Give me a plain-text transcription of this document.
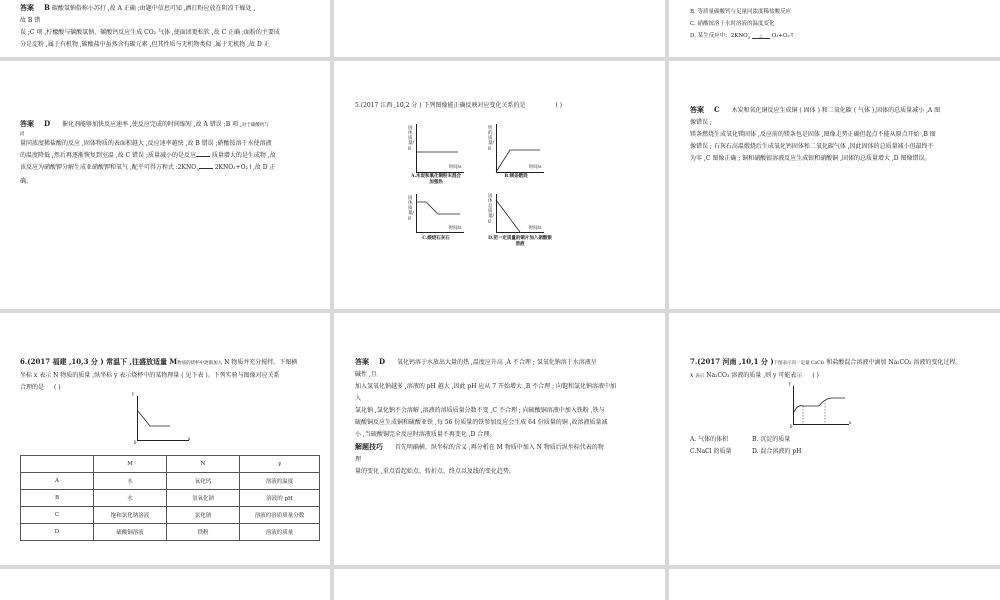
答案 B 碳酸氢钠俗称小苏打 ,故 A 正确 ;由题中信息可知 ,洒打粉应放在阴凉干燥处 ,

故 B 错

误 ;C 项 ,柠檬酸与碳酸氢钠、碳酸钙反应生成 CO₂ 气体 ,使面团更松软 ,故 C 正确 ;面粉的主要成

分是淀粉 ,属于有机物 ,碳酸盐中虽然含有碳元素 ,但其性质与无机物类似 ,属于无机物 ,故 D 正

B. 等质量碳酸钙与足量同浓度稀盐酸反应

C. 硝酸铵溶于水时溶液的温度变化

D. 某生反应中：$2KNO_3$ △ O₂+O₂↑

答案 D 催化剂能够加快反应速率 ,使反应完成的时间缩短 ,故 A 错误 ;B 项 ,对于碳酸钙与

同

量同浓度稀盐酸的反应 ,固体物质的表面积越大 ,反应速率越快 ,故 B 错误 ;硝酸铵溶于水使溶液

的温度降低 ,然后再逐渐恢复到室温 ,故 C 错误 ;质量减小的是反应	质量增大的是生成物 ,故

该反应为硝酸钾分解生成亚硝酸钾和氧气 ,配平可得方程式 $:2KNO_3$	2KNO₂+O₂↑,故 D 正

确。

5.(2017 江西 ,10,2 分 ) 下列图像能正确反映对应变化关系的是	( )

固体质量/g
时间/s
A.木炭和氧化铜粉末混合加强热
铁的质量/g
时间/s
B.镁条燃烧
固体质量/g
时间/s
C.煅烧石灰石
固体总质量/g
时间/s
D.把一定质量的铜片加入硝酸银溶液

答案 C 木炭和氧化铜反应生成铜 ( 固体 ) 和二氧化碳 ( 气体 ),固体的总质量减小 ,A 图

像错误 ;

镁条燃烧生成氧化镁固体 ,反应前的镁条也是固体 ,图像走势正确但起点不能从原点开始 ,B 图

像错误 ; 石灰石高温煅烧后生成氧化钙固体和二氧化碳气体 ,因此固体的总质量减小但最终不

为零 ,C 图像正确 ; 铜和硝酸银溶液反应生成银和硝酸铜 ,固体的总质量增大 ,D 图像错误。

6.(2017 福建 ,10,3 分 ) 常温下 ,往盛放适量 M物质的烧杯中逐渐加入 N 物质并充分搅拌。下图横

坐标 x 表示 N 物质的质量 ,纵坐标 y 表示烧杯中的某物理量 ( 见下表 )。下列实验与图像对应关系

合理的是 ( )

y
0
x
	M	N	y
A	水	氧化钙	溶液的温度
B	水	氢氧化钠	溶液的 pH
C	饱和氯化钠溶液	氯化钠	溶液的溶质质量分数
D	硫酸铜溶液	铁粉	溶液的质量

答案 D 氧化钙溶于水放出大量的热 ,温度应升高 ,A 不合理 ; 氢氧化钠溶于水溶液呈

碱性 ,且

加入氢氧化钠越多 ,溶液的 pH 越大 ,因此 pH 应从 7 开始增大 ,B 不合理 ; 向饱和氯化钠溶液中加

入

氯化钠 ,氯化钠不会溶解 ,溶液的溶质质量分数不变 ,C 不合理 ; 向硫酸铜溶液中加入铁粉 ,铁与

硫酸铜反应生成铜和硫酸亚铁 ,每 56 份质量的铁参加反应会生成 64 份质量的铜 ,故溶液质量减

小 ,当硫酸铜完全反应时溶液质量不再变化 ,D 合理。

解题技巧 首先明确横、纵坐标的含义 ,再分析在 M 物质中加入 N 物质后纵坐标代表的物

理

量的变化 ,重点看起始点、转折点、终点以及线的变化趋势。

7.(2017 河南 ,10,1 分 )下图表示向一定量 CaCl₂ 和盐酸混合溶液中滴加 Na₂CO₃ 溶液的变化过程。

x 表示 Na₂CO₃ 溶液的质量 ,则 y 可能表示 ( )

y
0
x

A. 气体的体积	B. 沉淀的质量

C.NaCl 的质量	D. 混合溶液的 pH
